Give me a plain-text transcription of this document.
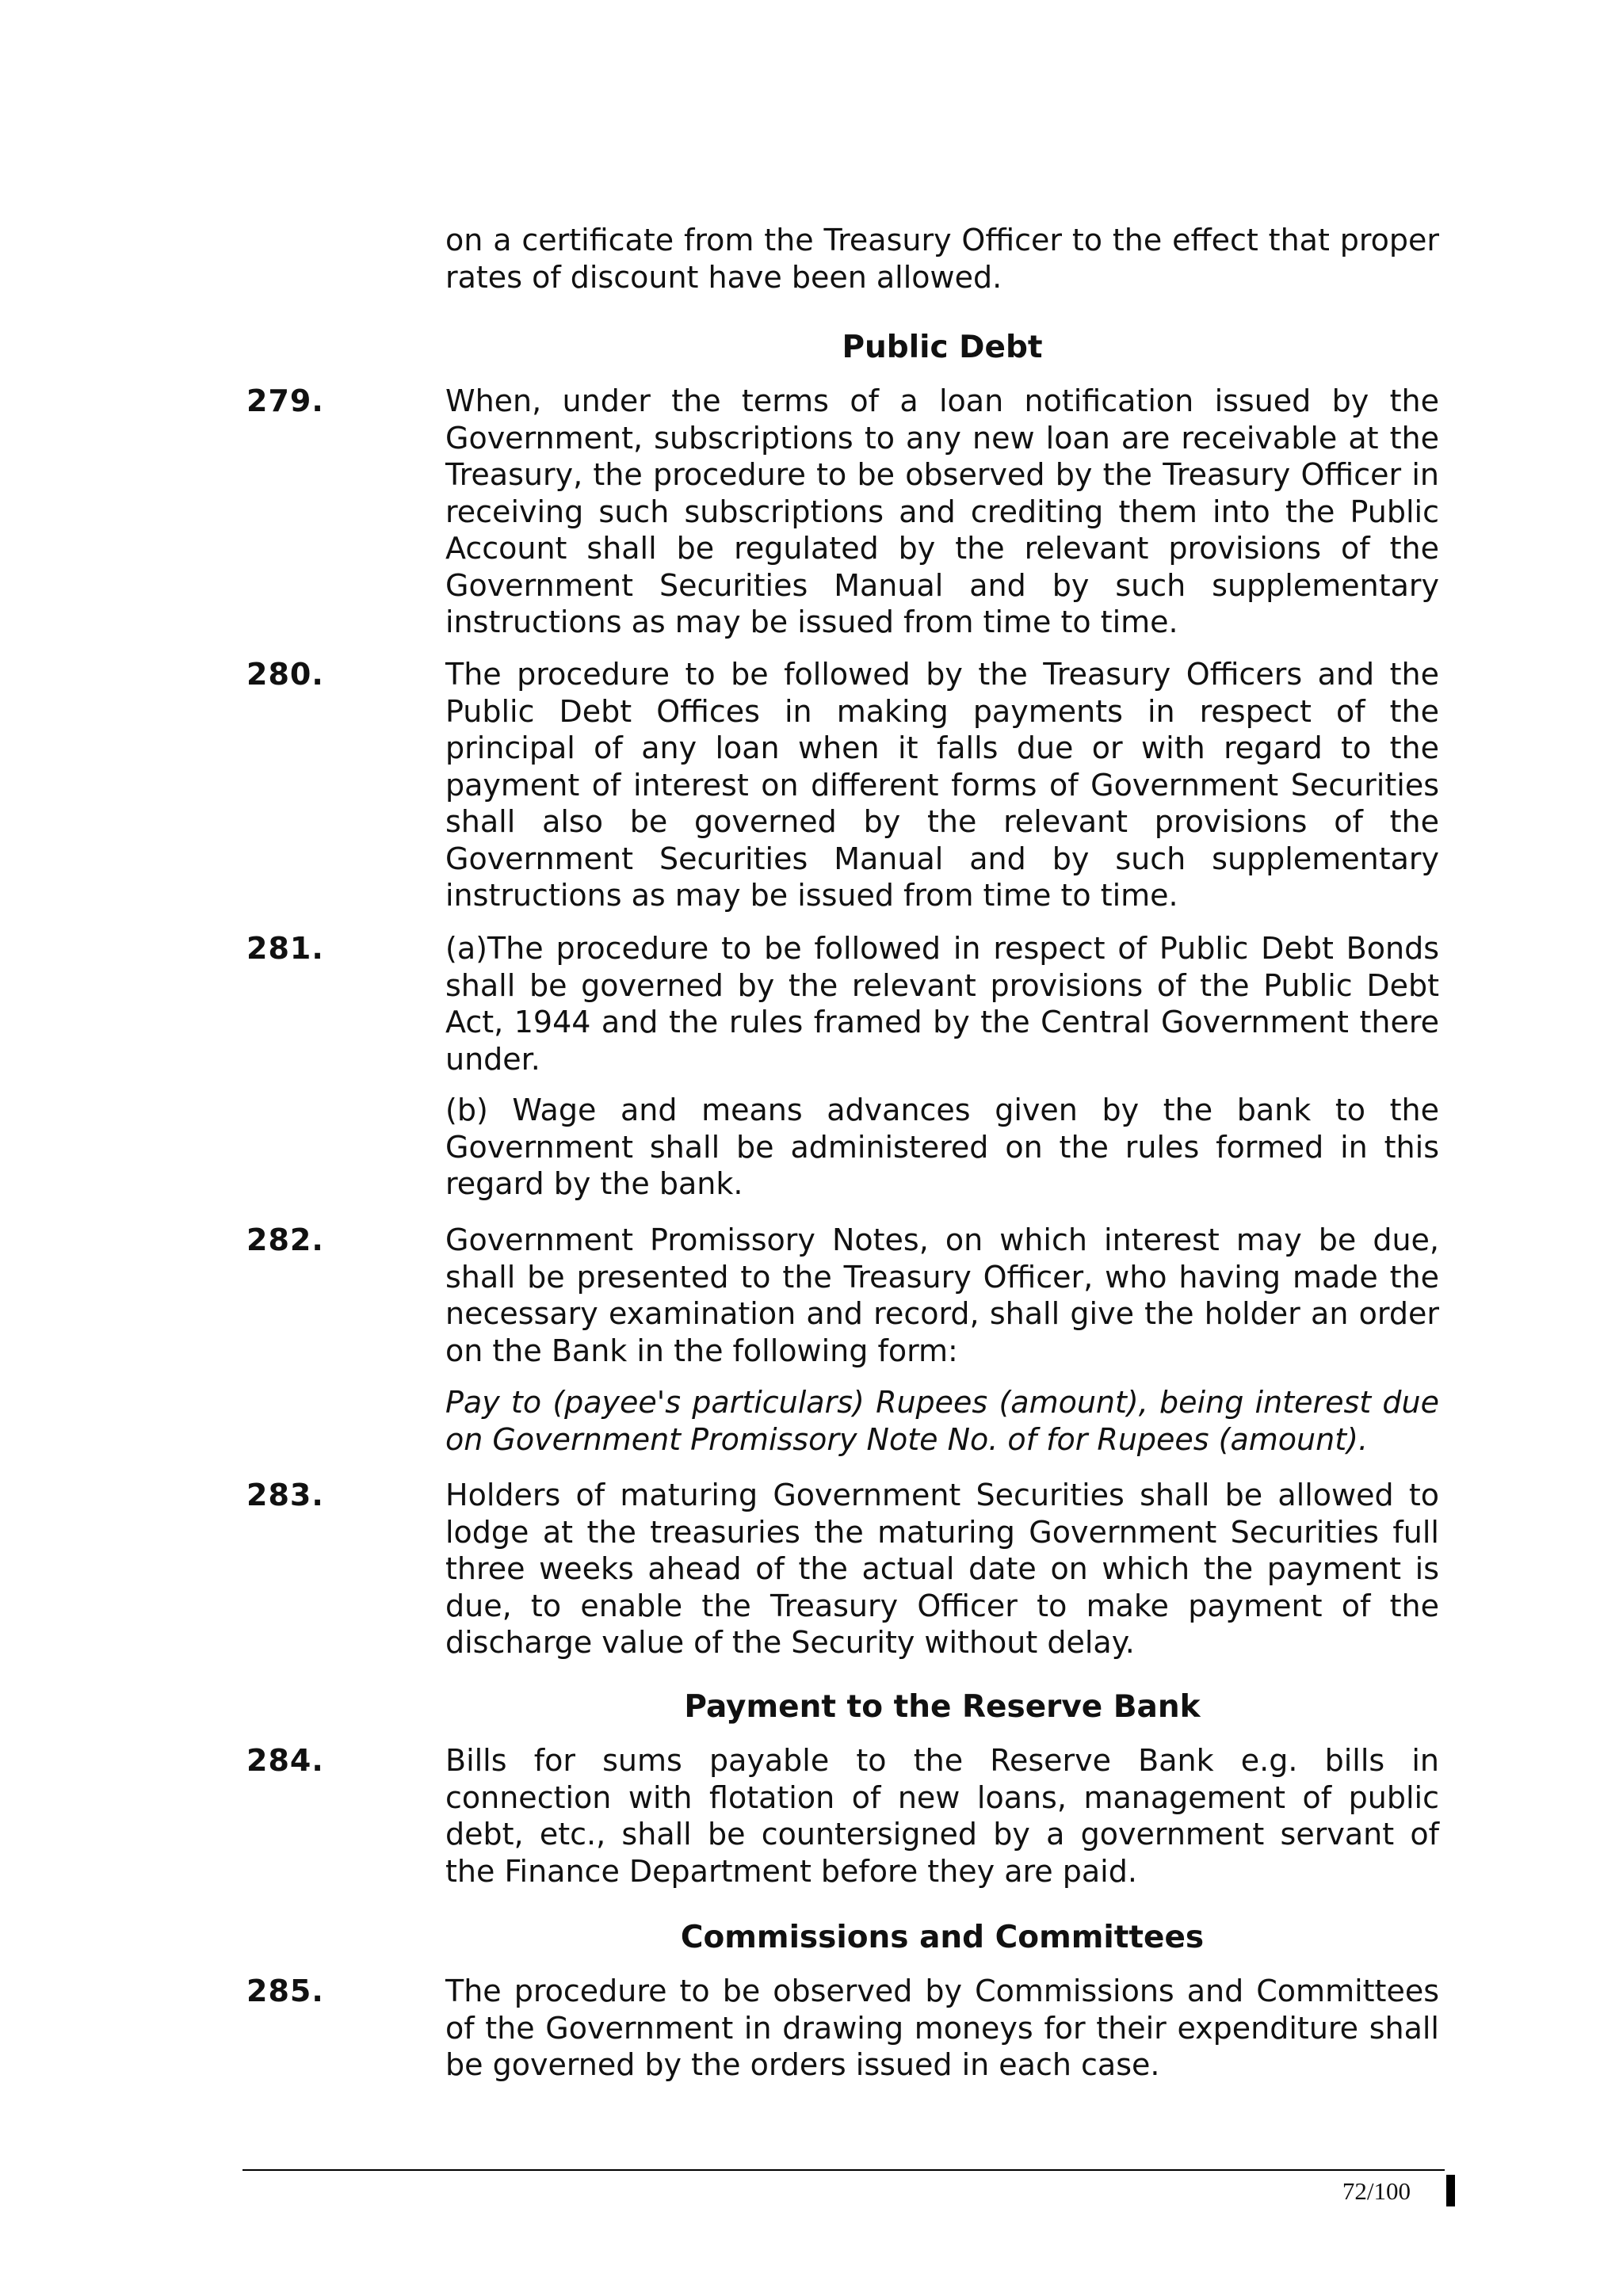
on a certificate from the Treasury Officer to the effect that proper rates of discount have been allowed.

Public Debt
279.	When, under the terms of a loan notification issued by the Government, subscriptions to any new loan are receivable at the Treasury, the procedure to be observed by the Treasury Officer in receiving such subscriptions and crediting them into the Public Account shall be regulated by the relevant provisions of the Government Securities Manual and by such supplementary instructions as may be issued from time to time.

280.	The procedure to be followed by the Treasury Officers and the Public Debt Offices in making payments in respect of the principal of any loan when it falls due or with regard to the payment of interest on different forms of Government Securities shall also be governed by the relevant provisions of the Government Securities Manual and by such supplementary instructions as may be issued from time to time.

281.	(a)The procedure to be followed in respect of Public Debt Bonds shall be governed by the relevant provisions of the Public Debt Act, 1944 and the rules framed by the Central Government there under.

(b) Wage and means advances given by the bank to the Government shall be administered on the rules formed in this regard by the bank.

282.	Government Promissory Notes, on which interest may be due, shall be presented to the Treasury Officer, who having made the necessary examination and record, shall give the holder an order on the Bank in the following form:

Pay to (payee's particulars) Rupees (amount), being interest due on Government Promissory Note No. of for Rupees (amount).

283.	Holders of maturing Government Securities shall be allowed to lodge at the treasuries the maturing Government Securities full three weeks ahead of the actual date on which the payment is due, to enable the Treasury Officer to make payment of the discharge value of the Security without delay.

Payment to the Reserve Bank
284.	Bills for sums payable to the Reserve Bank e.g. bills in connection with flotation of new loans, management of public debt, etc., shall be countersigned by a government servant of the Finance Department before they are paid.

Commissions and Committees
285.	The procedure to be observed by Commissions and Committees of the Government in drawing moneys for their expenditure shall be governed by the orders issued in each case.

72/100
